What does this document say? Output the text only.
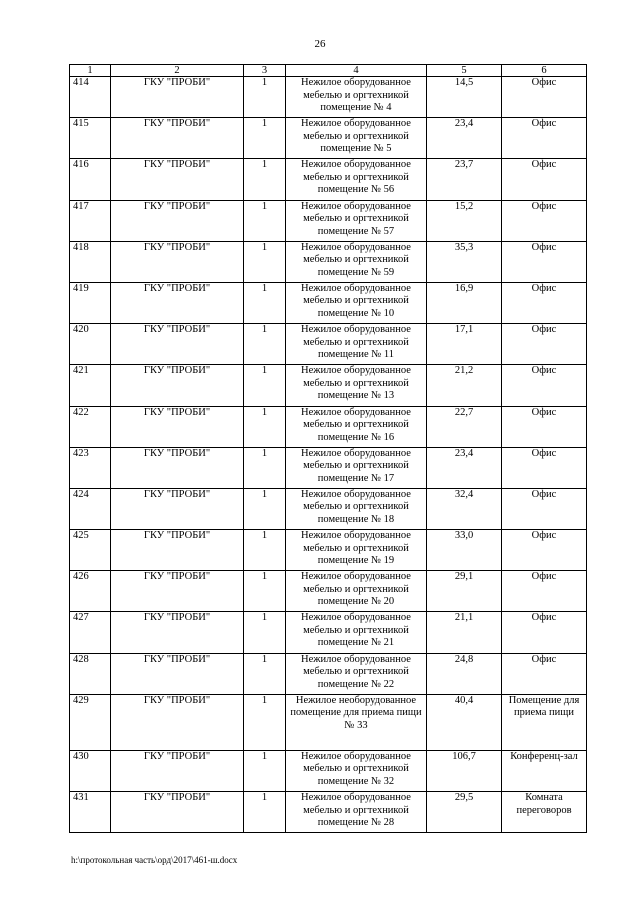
26
1	2	3	4	5	6
414	ГКУ "ПРОБИ"	1	Нежилое оборудованное мебелью и оргтехникой помещение № 4	14,5	Офис
415	ГКУ "ПРОБИ"	1	Нежилое оборудованное мебелью и оргтехникой помещение № 5	23,4	Офис
416	ГКУ "ПРОБИ"	1	Нежилое оборудованное мебелью и оргтехникой помещение № 56	23,7	Офис
417	ГКУ "ПРОБИ"	1	Нежилое оборудованное мебелью и оргтехникой помещение № 57	15,2	Офис
418	ГКУ "ПРОБИ"	1	Нежилое оборудованное мебелью и оргтехникой помещение № 59	35,3	Офис
419	ГКУ "ПРОБИ"	1	Нежилое оборудованное мебелью и оргтехникой помещение № 10	16,9	Офис
420	ГКУ "ПРОБИ"	1	Нежилое оборудованное мебелью и оргтехникой помещение № 11	17,1	Офис
421	ГКУ "ПРОБИ"	1	Нежилое оборудованное мебелью и оргтехникой помещение № 13	21,2	Офис
422	ГКУ "ПРОБИ"	1	Нежилое оборудованное мебелью и оргтехникой помещение № 16	22,7	Офис
423	ГКУ "ПРОБИ"	1	Нежилое оборудованное мебелью и оргтехникой помещение № 17	23,4	Офис
424	ГКУ "ПРОБИ"	1	Нежилое оборудованное мебелью и оргтехникой помещение № 18	32,4	Офис
425	ГКУ "ПРОБИ"	1	Нежилое оборудованное мебелью и оргтехникой помещение № 19	33,0	Офис
426	ГКУ "ПРОБИ"	1	Нежилое оборудованное мебелью и оргтехникой помещение № 20	29,1	Офис
427	ГКУ "ПРОБИ"	1	Нежилое оборудованное мебелью и оргтехникой помещение № 21	21,1	Офис
428	ГКУ "ПРОБИ"	1	Нежилое оборудованное мебелью и оргтехникой помещение № 22	24,8	Офис
429	ГКУ "ПРОБИ"	1	Нежилое необорудованное помещение для приема пищи № 33	40,4	Помещение для приема пищи
430	ГКУ "ПРОБИ"	1	Нежилое оборудованное мебелью и оргтехникой помещение № 32	106,7	Конференц-зал
431	ГКУ "ПРОБИ"	1	Нежилое оборудованное мебелью и оргтехникой помещение № 28	29,5	Комната переговоров
h:\протокольная часть\орд\2017\461-ш.docx
